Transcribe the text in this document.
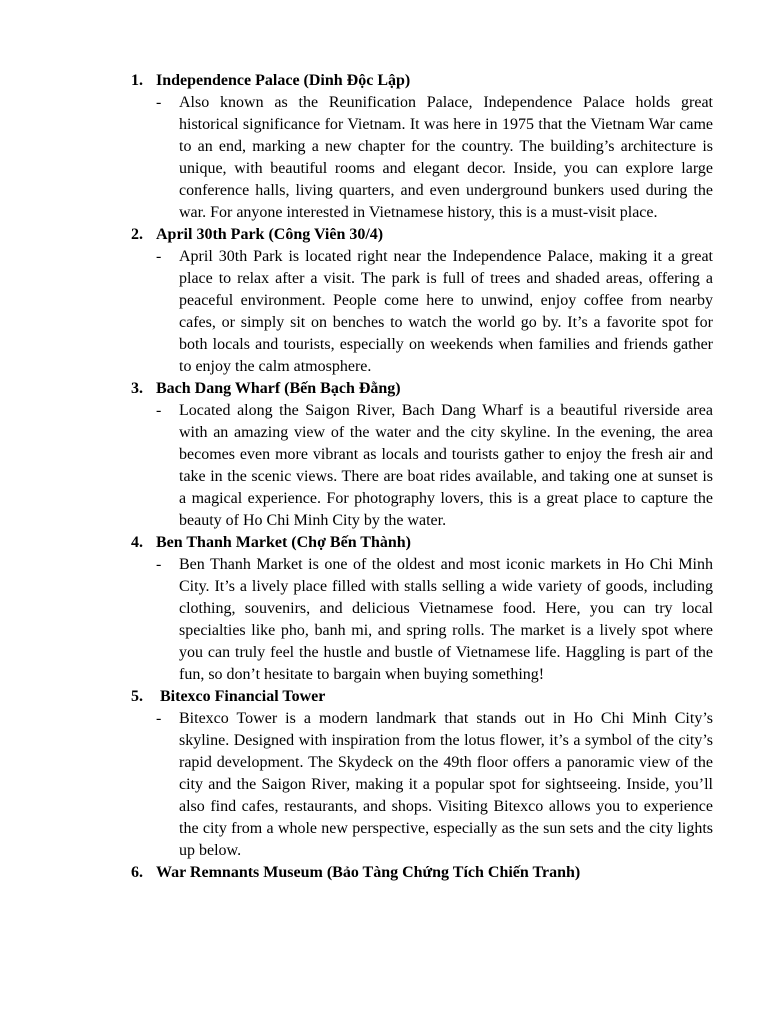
1. Independence Palace (Dinh Độc Lập)
-	Also known as the Reunification Palace, Independence Palace holds great historical significance for Vietnam. It was here in 1975 that the Vietnam War came to an end, marking a new chapter for the country. The building’s architecture is unique, with beautiful rooms and elegant decor. Inside, you can explore large conference halls, living quarters, and even underground bunkers used during the war. For anyone interested in Vietnamese history, this is a must-visit place.

2. April 30th Park (Công Viên 30/4)
-	April 30th Park is located right near the Independence Palace, making it a great place to relax after a visit. The park is full of trees and shaded areas, offering a peaceful environment. People come here to unwind, enjoy coffee from nearby cafes, or simply sit on benches to watch the world go by. It’s a favorite spot for both locals and tourists, especially on weekends when families and friends gather to enjoy the calm atmosphere.

3. Bach Dang Wharf (Bến Bạch Đằng)
-	Located along the Saigon River, Bach Dang Wharf is a beautiful riverside area with an amazing view of the water and the city skyline. In the evening, the area becomes even more vibrant as locals and tourists gather to enjoy the fresh air and take in the scenic views. There are boat rides available, and taking one at sunset is a magical experience. For photography lovers, this is a great place to capture the beauty of Ho Chi Minh City by the water.

4. Ben Thanh Market (Chợ Bến Thành)
-	Ben Thanh Market is one of the oldest and most iconic markets in Ho Chi Minh City. It’s a lively place filled with stalls selling a wide variety of goods, including clothing, souvenirs, and delicious Vietnamese food. Here, you can try local specialties like pho, banh mi, and spring rolls. The market is a lively spot where you can truly feel the hustle and bustle of Vietnamese life. Haggling is part of the fun, so don’t hesitate to bargain when buying something!

5.	Bitexco Financial Tower
-	Bitexco Tower is a modern landmark that stands out in Ho Chi Minh City’s skyline. Designed with inspiration from the lotus flower, it’s a symbol of the city’s rapid development. The Skydeck on the 49th floor offers a panoramic view of the city and the Saigon River, making it a popular spot for sightseeing. Inside, you’ll also find cafes, restaurants, and shops. Visiting Bitexco allows you to experience the city from a whole new perspective, especially as the sun sets and the city lights up below.

6. War Remnants Museum (Bảo Tàng Chứng Tích Chiến Tranh)
